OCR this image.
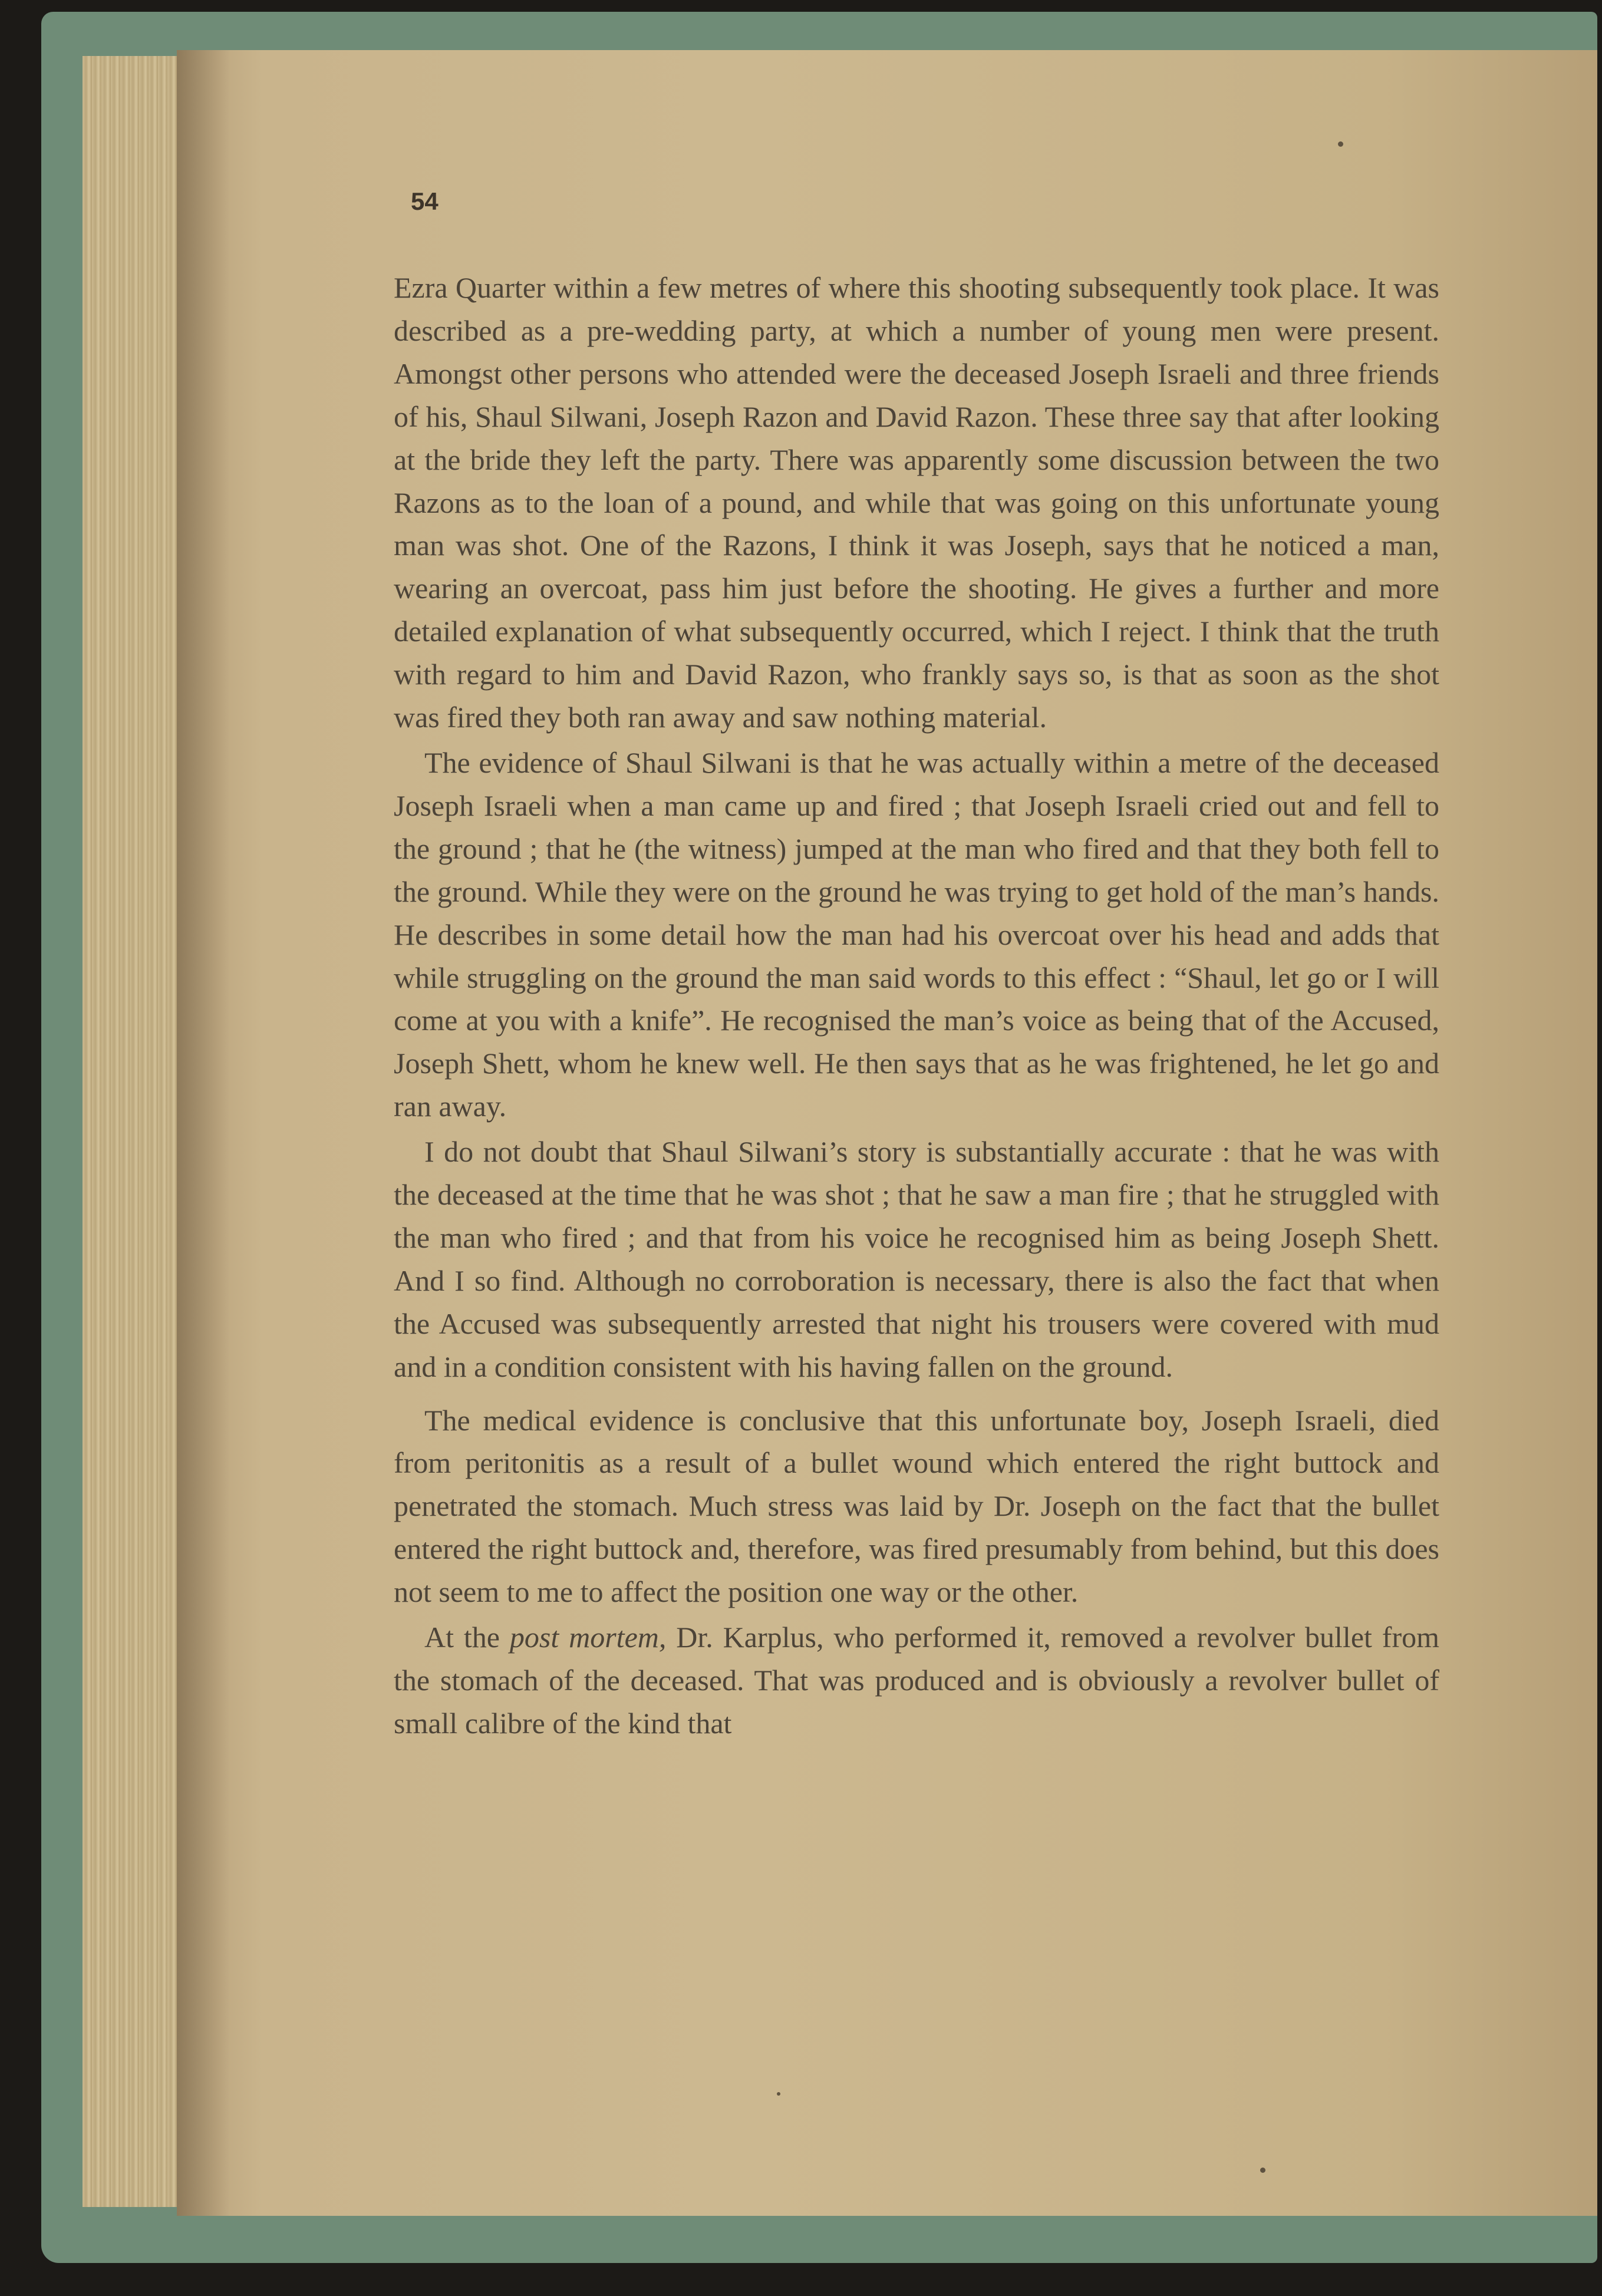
54

Ezra Quarter within a few metres of where this shooting subsequently took place. It was described as a pre-wedding party, at which a number of young men were present. Amongst other persons who attended were the deceased Joseph Israeli and three friends of his, Shaul Silwani, Joseph Razon and David Razon. These three say that after looking at the bride they left the party. There was apparently some discussion between the two Razons as to the loan of a pound, and while that was going on this unfortunate young man was shot. One of the Razons, I think it was Joseph, says that he noticed a man, wearing an overcoat, pass him just before the shooting. He gives a further and more detailed explanation of what subsequently occurred, which I reject. I think that the truth with regard to him and David Razon, who frankly says so, is that as soon as the shot was fired they both ran away and saw nothing material.

The evidence of Shaul Silwani is that he was actually within a metre of the deceased Joseph Israeli when a man came up and fired ; that Joseph Israeli cried out and fell to the ground ; that he (the witness) jumped at the man who fired and that they both fell to the ground. While they were on the ground he was trying to get hold of the man’s hands. He describes in some detail how the man had his overcoat over his head and adds that while struggling on the ground the man said words to this effect : “Shaul, let go or I will come at you with a knife”. He recognised the man’s voice as being that of the Accused, Joseph Shett, whom he knew well. He then says that as he was frightened, he let go and ran away.

I do not doubt that Shaul Silwani’s story is substantially accurate : that he was with the deceased at the time that he was shot ; that he saw a man fire ; that he struggled with the man who fired ; and that from his voice he recognised him as being Joseph Shett. And I so find. Although no corroboration is necessary, there is also the fact that when the Accused was subsequently arrested that night his trousers were covered with mud and in a condition consistent with his having fallen on the ground.

The medical evidence is conclusive that this unfortunate boy, Joseph Israeli, died from peritonitis as a result of a bullet wound which entered the right buttock and penetrated the stomach. Much stress was laid by Dr. Joseph on the fact that the bullet entered the right buttock and, therefore, was fired presumably from behind, but this does not seem to me to affect the position one way or the other.

At the post mortem, Dr. Karplus, who performed it, removed a revolver bullet from the stomach of the deceased. That was produced and is obviously a revolver bullet of small calibre of the kind that
